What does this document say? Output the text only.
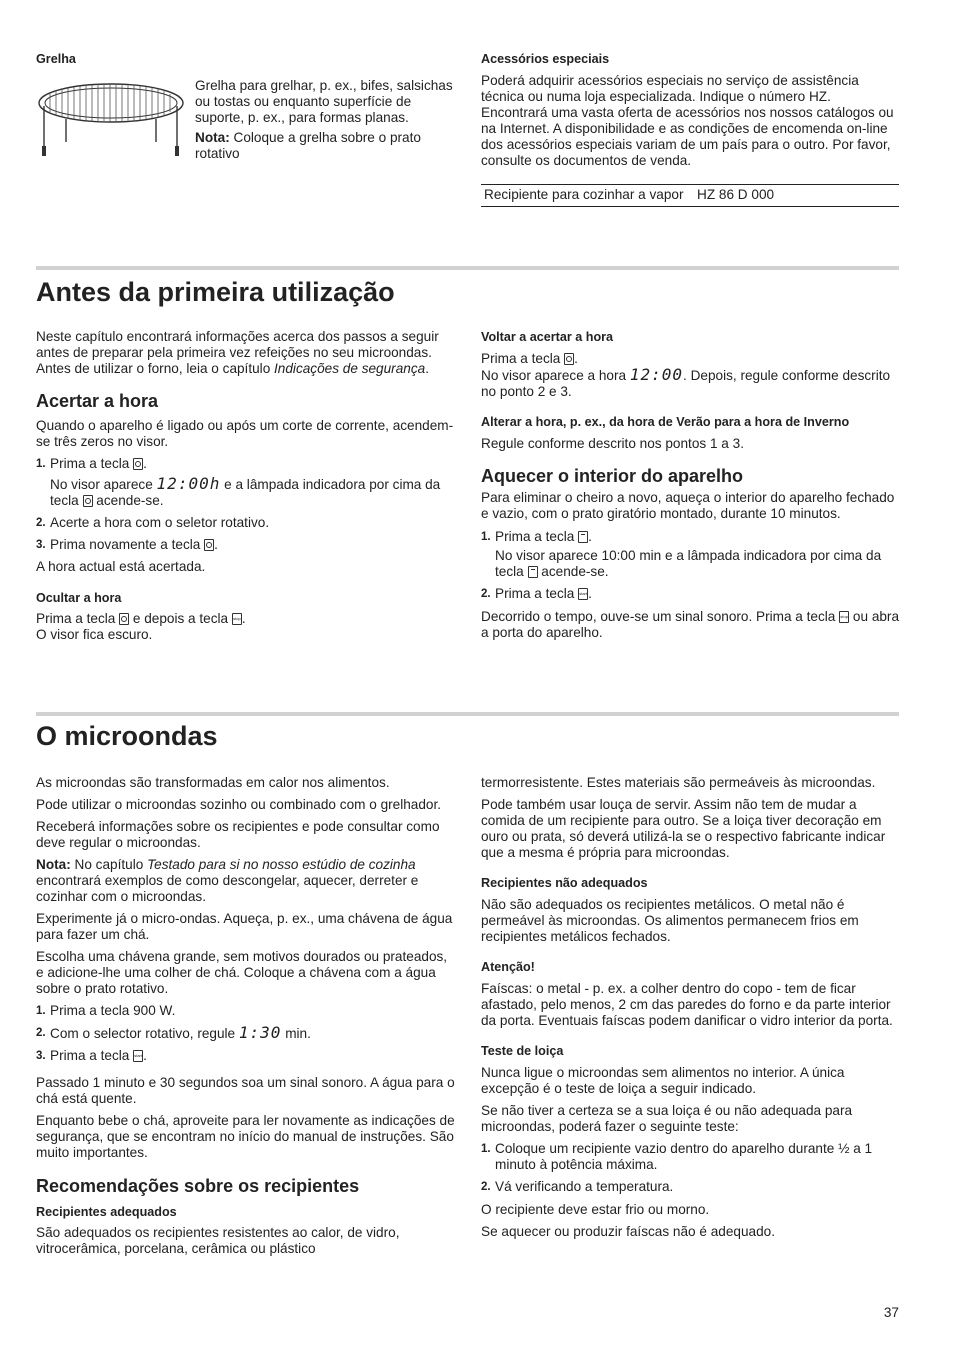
Grelha

Grelha para grelhar, p. ex., bifes, salsichas ou tostas ou enquanto superfície de suporte, p. ex., para formas planas.

Nota: Coloque a grelha sobre o prato rotativo

Acessórios especiais

Poderá adquirir acessórios especiais no serviço de assistência técnica ou numa loja especializada. Indique o número HZ. Encontrará uma vasta oferta de acessórios nos nossos catálogos ou na Internet. A disponibilidade e as condições de encomenda on-line dos acessórios especiais variam de um país para o outro. Por favor, consulte os documentos de venda.

Recipiente para cozinhar a vapor	HZ 86 D 000
Antes da primeira utilização

Neste capítulo encontrará informações acerca dos passos a seguir antes de preparar pela primeira vez refeições no seu microondas. Antes de utilizar o forno, leia o capítulo Indicações de segurança.

Acertar a hora

Quando o aparelho é ligado ou após um corte de corrente, acendem-se três zeros no visor.

1. Prima a tecla .
No visor aparece 12:00h e a lâmpada indicadora por cima da tecla  acende-se.
2. Acerte a hora com o seletor rotativo.
3. Prima novamente a tecla .

A hora actual está acertada.

Ocultar a hora

Prima a tecla  e depois a tecla stop.

O visor fica escuro.

Voltar a acertar a hora

Prima a tecla .

No visor aparece a hora 12:00. Depois, regule conforme descrito no ponto 2 e 3.

Alterar a hora, p. ex., da hora de Verão para a hora de Inverno

Regule conforme descrito nos pontos 1 a 3.

Aquecer o interior do aparelho

Para eliminar o cheiro a novo, aqueça o interior do aparelho fechado e vazio, com o prato giratório montado, durante 10 minutos.

1. Prima a tecla .
No visor aparece 10:00 min e a lâmpada indicadora por cima da tecla  acende-se.
2. Prima a tecla start.

Decorrido o tempo, ouve-se um sinal sonoro. Prima a tecla stop ou abra a porta do aparelho.

O microondas

As microondas são transformadas em calor nos alimentos.

Pode utilizar o microondas sozinho ou combinado com o grelhador.

Receberá informações sobre os recipientes e pode consultar como deve regular o microondas.

Nota: No capítulo Testado para si no nosso estúdio de cozinha encontrará exemplos de como descongelar, aquecer, derreter e cozinhar com o microondas.

Experimente já o micro-ondas. Aqueça, p. ex., uma chávena de água para fazer um chá.

Escolha uma chávena grande, sem motivos dourados ou prateados, e adicione-lhe uma colher de chá. Coloque a chávena com a água sobre o prato rotativo.

1. Prima a tecla 900 W.
2. Com o selector rotativo, regule 1:30 min.
3. Prima a tecla start.

Passado 1 minuto e 30 segundos soa um sinal sonoro. A água para o chá está quente.

Enquanto bebe o chá, aproveite para ler novamente as indicações de segurança, que se encontram no início do manual de instruções. São muito importantes.

Recomendações sobre os recipientes
Recipientes adequados

São adequados os recipientes resistentes ao calor, de vidro, vitrocerâmica, porcelana, cerâmica ou plástico

termorresistente. Estes materiais são permeáveis às microondas.

Pode também usar louça de servir. Assim não tem de mudar a comida de um recipiente para outro. Se a loiça tiver decoração em ouro ou prata, só deverá utilizá-la se o respectivo fabricante indicar que a mesma é própria para microondas.

Recipientes não adequados

Não são adequados os recipientes metálicos. O metal não é permeável às microondas. Os alimentos permanecem frios em recipientes metálicos fechados.

Atenção!

Faíscas: o metal - p. ex. a colher dentro do copo - tem de ficar afastado, pelo menos, 2 cm das paredes do forno e da parte interior da porta. Eventuais faíscas podem danificar o vidro interior da porta.

Teste de loiça

Nunca ligue o microondas sem alimentos no interior. A única excepção é o teste de loiça a seguir indicado.

Se não tiver a certeza se a sua loiça é ou não adequada para microondas, poderá fazer o seguinte teste:

1. Coloque um recipiente vazio dentro do aparelho durante ½ a 1 minuto à potência máxima.
2. Vá verificando a temperatura.

O recipiente deve estar frio ou morno.

Se aquecer ou produzir faíscas não é adequado.

37
